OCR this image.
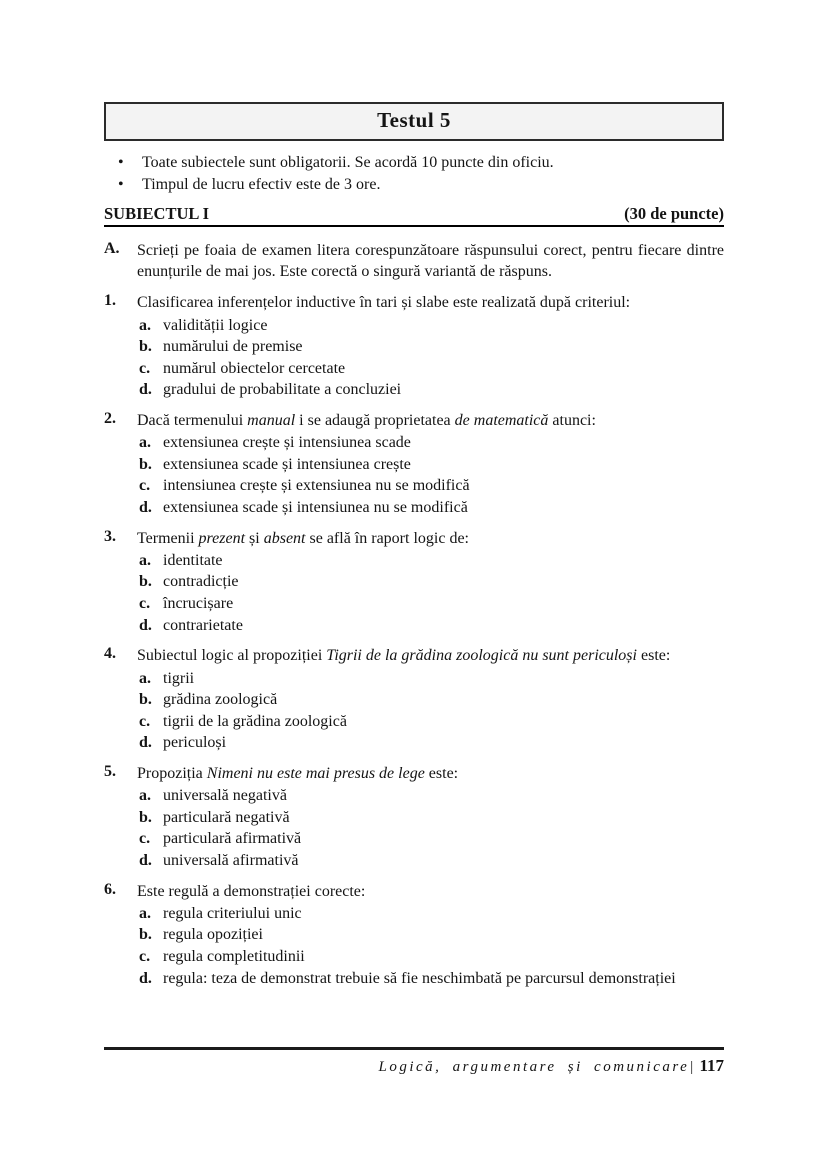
Testul 5
•
Toate subiectele sunt obligatorii. Se acordă 10 puncte din oficiu.
•
Timpul de lucru efectiv este de 3 ore.
SUBIECTUL I	(30 de puncte)
A.	Scrieți pe foaia de examen litera corespunzătoare răspunsului corect, pentru fiecare dintre enunțurile de mai jos. Este corectă o singură variantă de răspuns.
1.	Clasificarea inferențelor inductive în tari și slabe este realizată după criteriul:
a. validității logice
b. numărului de premise
c. numărul obiectelor cercetate
d. gradului de probabilitate a concluziei
2.	Dacă termenului manual i se adaugă proprietatea de matematică atunci:
a. extensiunea crește și intensiunea scade
b. extensiunea scade și intensiunea crește
c. intensiunea crește și extensiunea nu se modifică
d. extensiunea scade și intensiunea nu se modifică
3.	Termenii prezent și absent se află în raport logic de:
a. identitate
b. contradicție
c. încrucișare
d. contrarietate
4.	Subiectul logic al propoziției Tigrii de la grădina zoologică nu sunt periculoși este:
a. tigrii
b. grădina zoologică
c. tigrii de la grădina zoologică
d. periculoși
5.	Propoziția Nimeni nu este mai presus de lege este:
a. universală negativă
b. particulară negativă
c. particulară afirmativă
d. universală afirmativă
6.	Este regulă a demonstrației corecte:
a. regula criteriului unic
b. regula opoziției
c. regula completitudinii
d. regula: teza de demonstrat trebuie să fie neschimbată pe parcursul demonstrației
Logică, argumentare și comunicare| 117
